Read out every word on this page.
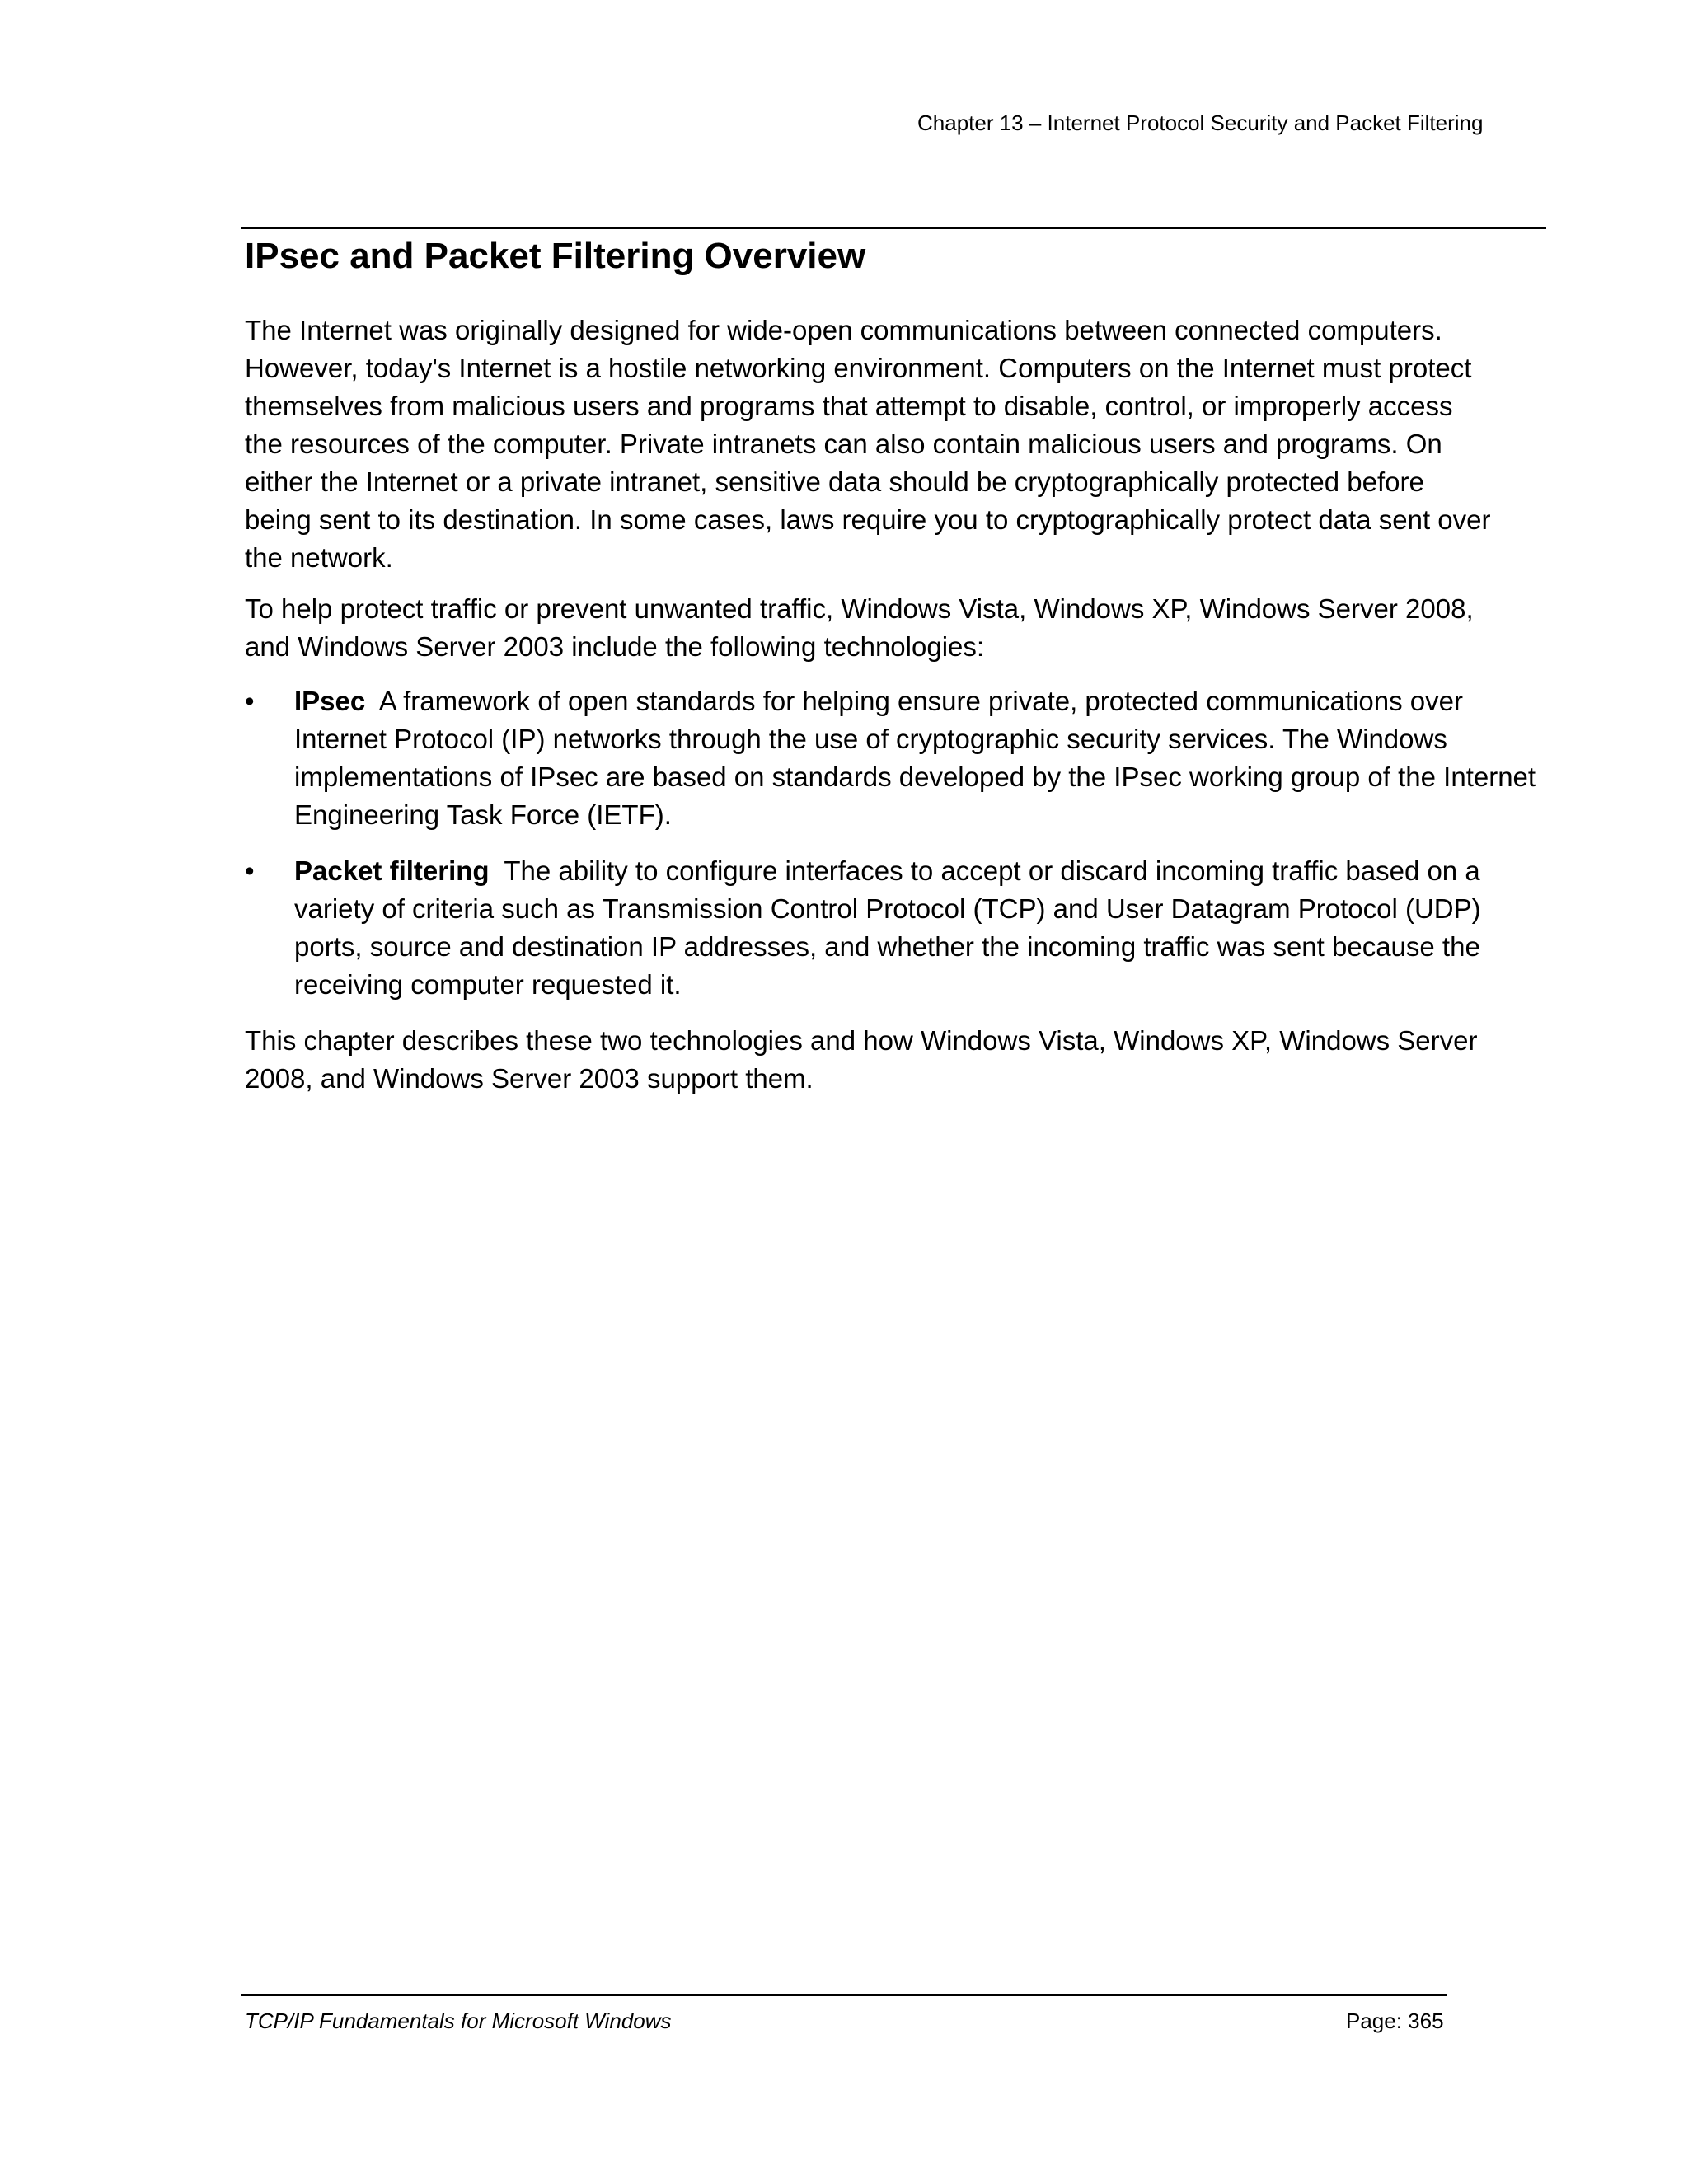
Chapter 13 – Internet Protocol Security and Packet Filtering
IPsec and Packet Filtering Overview

The Internet was originally designed for wide-open communications between connected computers.
However, today's Internet is a hostile networking environment. Computers on the Internet must protect
themselves from malicious users and programs that attempt to disable, control, or improperly access
the resources of the computer. Private intranets can also contain malicious users and programs. On
either the Internet or a private intranet, sensitive data should be cryptographically protected before
being sent to its destination. In some cases, laws require you to cryptographically protect data sent over
the network.

To help protect traffic or prevent unwanted traffic, Windows Vista, Windows XP, Windows Server 2008,
and Windows Server 2003 include the following technologies:

•	IPsec A framework of open standards for helping ensure private, protected communications over
Internet Protocol (IP) networks through the use of cryptographic security services. The Windows
implementations of IPsec are based on standards developed by the IPsec working group of the Internet
Engineering Task Force (IETF).
•	Packet filtering The ability to configure interfaces to accept or discard incoming traffic based on a
variety of criteria such as Transmission Control Protocol (TCP) and User Datagram Protocol (UDP)
ports, source and destination IP addresses, and whether the incoming traffic was sent because the
receiving computer requested it.

This chapter describes these two technologies and how Windows Vista, Windows XP, Windows Server
2008, and Windows Server 2003 support them.

TCP/IP Fundamentals for Microsoft Windows	Page: 365
